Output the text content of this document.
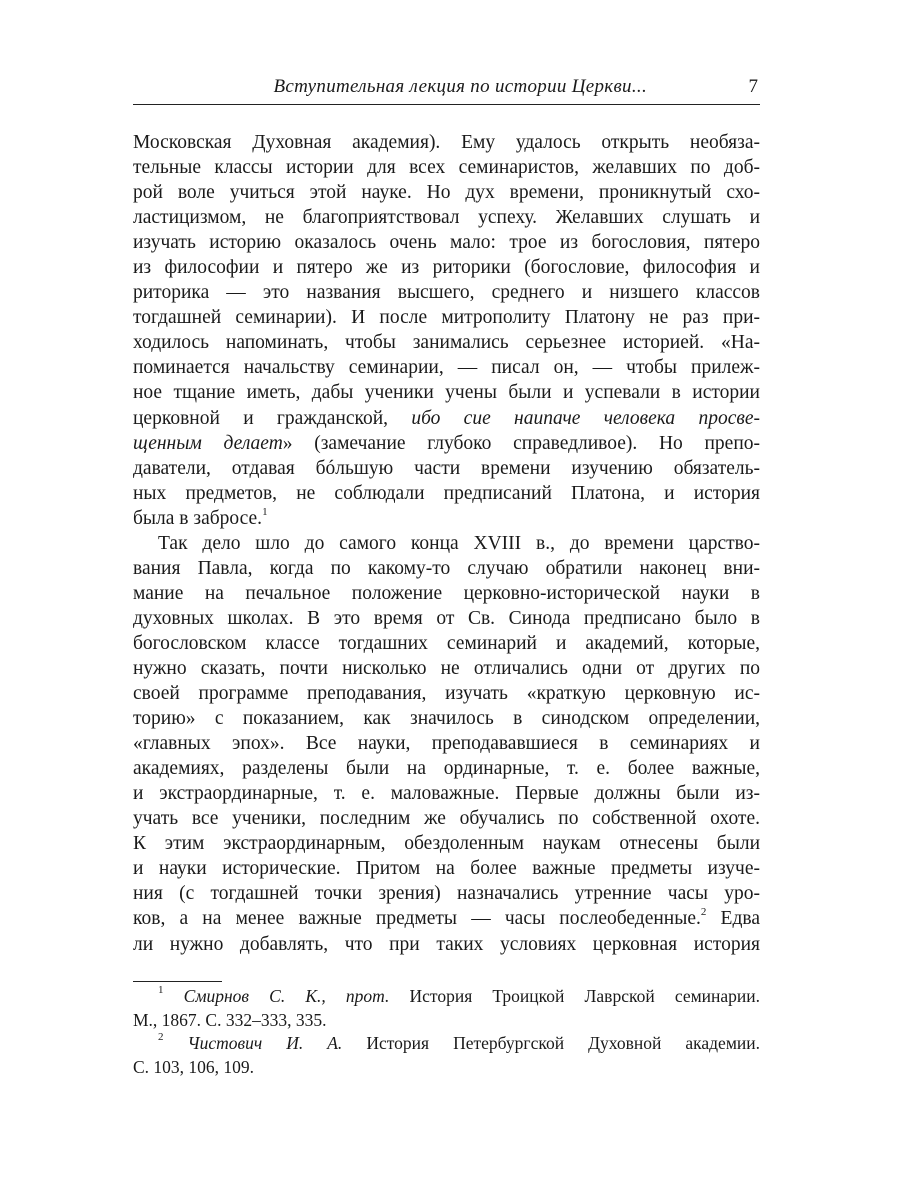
Вступительная лекция по истории Церкви...	7
Московская Духовная академия). Ему удалось открыть необяза-
тельные классы истории для всех семинаристов, желавших по доб-
рой воле учиться этой науке. Но дух времени, проникнутый схо-
ластицизмом, не благоприятствовал успеху. Желавших слушать и
изучать историю оказалось очень мало: трое из богословия, пятеро
из философии и пятеро же из риторики (богословие, философия и
риторика — это названия высшего, среднего и низшего классов
тогдашней семинарии). И после митрополиту Платону не раз при-
ходилось напоминать, чтобы занимались серьезнее историей. «На-
поминается начальству семинарии, — писал он, — чтобы прилеж-
ное тщание иметь, дабы ученики учены были и успевали в истории
церковной и гражданской, ибо сие наипаче человека просве-
щенным делает» (замечание глубоко справедливое). Но препо-
даватели, отдавая бóльшую части времени изучению обязатель-
ных предметов, не соблюдали предписаний Платона, и история
была в забросе.$^1$
Так дело шло до самого конца XVIII в., до времени царство-
вания Павла, когда по какому-то случаю обратили наконец вни-
мание на печальное положение церковно-исторической науки в
духовных школах. В это время от Св. Синода предписано было в
богословском классе тогдашних семинарий и академий, которые,
нужно сказать, почти нисколько не отличались одни от других по
своей программе преподавания, изучать «краткую церковную ис-
торию» с показанием, как значилось в синодском определении,
«главных эпох». Все науки, преподававшиеся в семинариях и
академиях, разделены были на ординарные, т. е. более важные,
и экстраординарные, т. е. маловажные. Первые должны были из-
учать все ученики, последним же обучались по собственной охоте.
К этим экстраординарным, обездоленным наукам отнесены были
и науки исторические. Притом на более важные предметы изуче-
ния (с тогдашней точки зрения) назначались утренние часы уро-
ков, а на менее важные предметы — часы послеобеденные.$^2$ Едва
ли нужно добавлять, что при таких условиях церковная история
$^1$ Смирнов С. К., прот. История Троицкой Лаврской семинарии.
М., 1867. С. 332–333, 335.
$^2$ Чистович И. А. История Петербургской Духовной академии.
С. 103, 106, 109.
